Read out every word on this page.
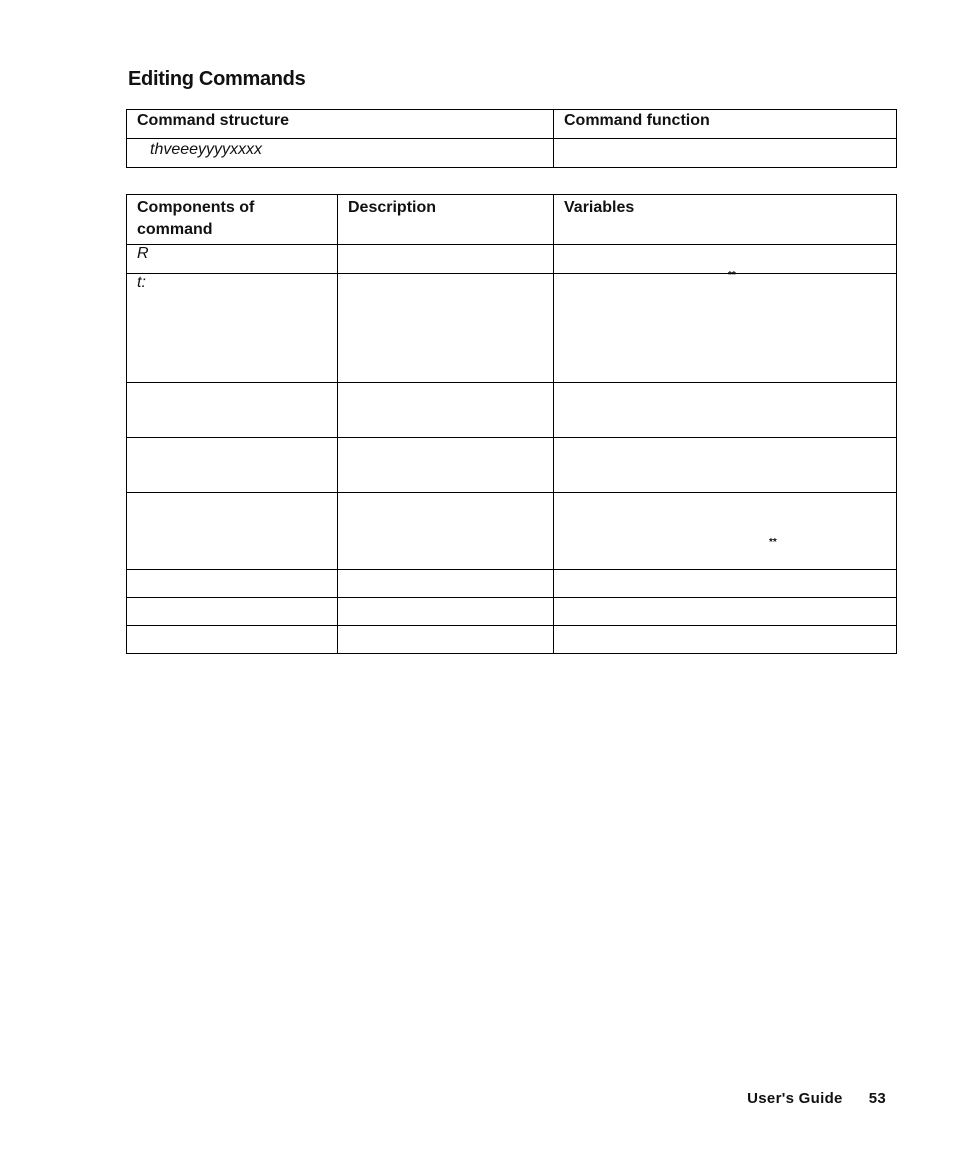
Editing Commands
Command structure	Command function
thveeeyyyyxxxx	
Components of command	Description	Variables
R		
t:		**

		**

User's Guide 53
